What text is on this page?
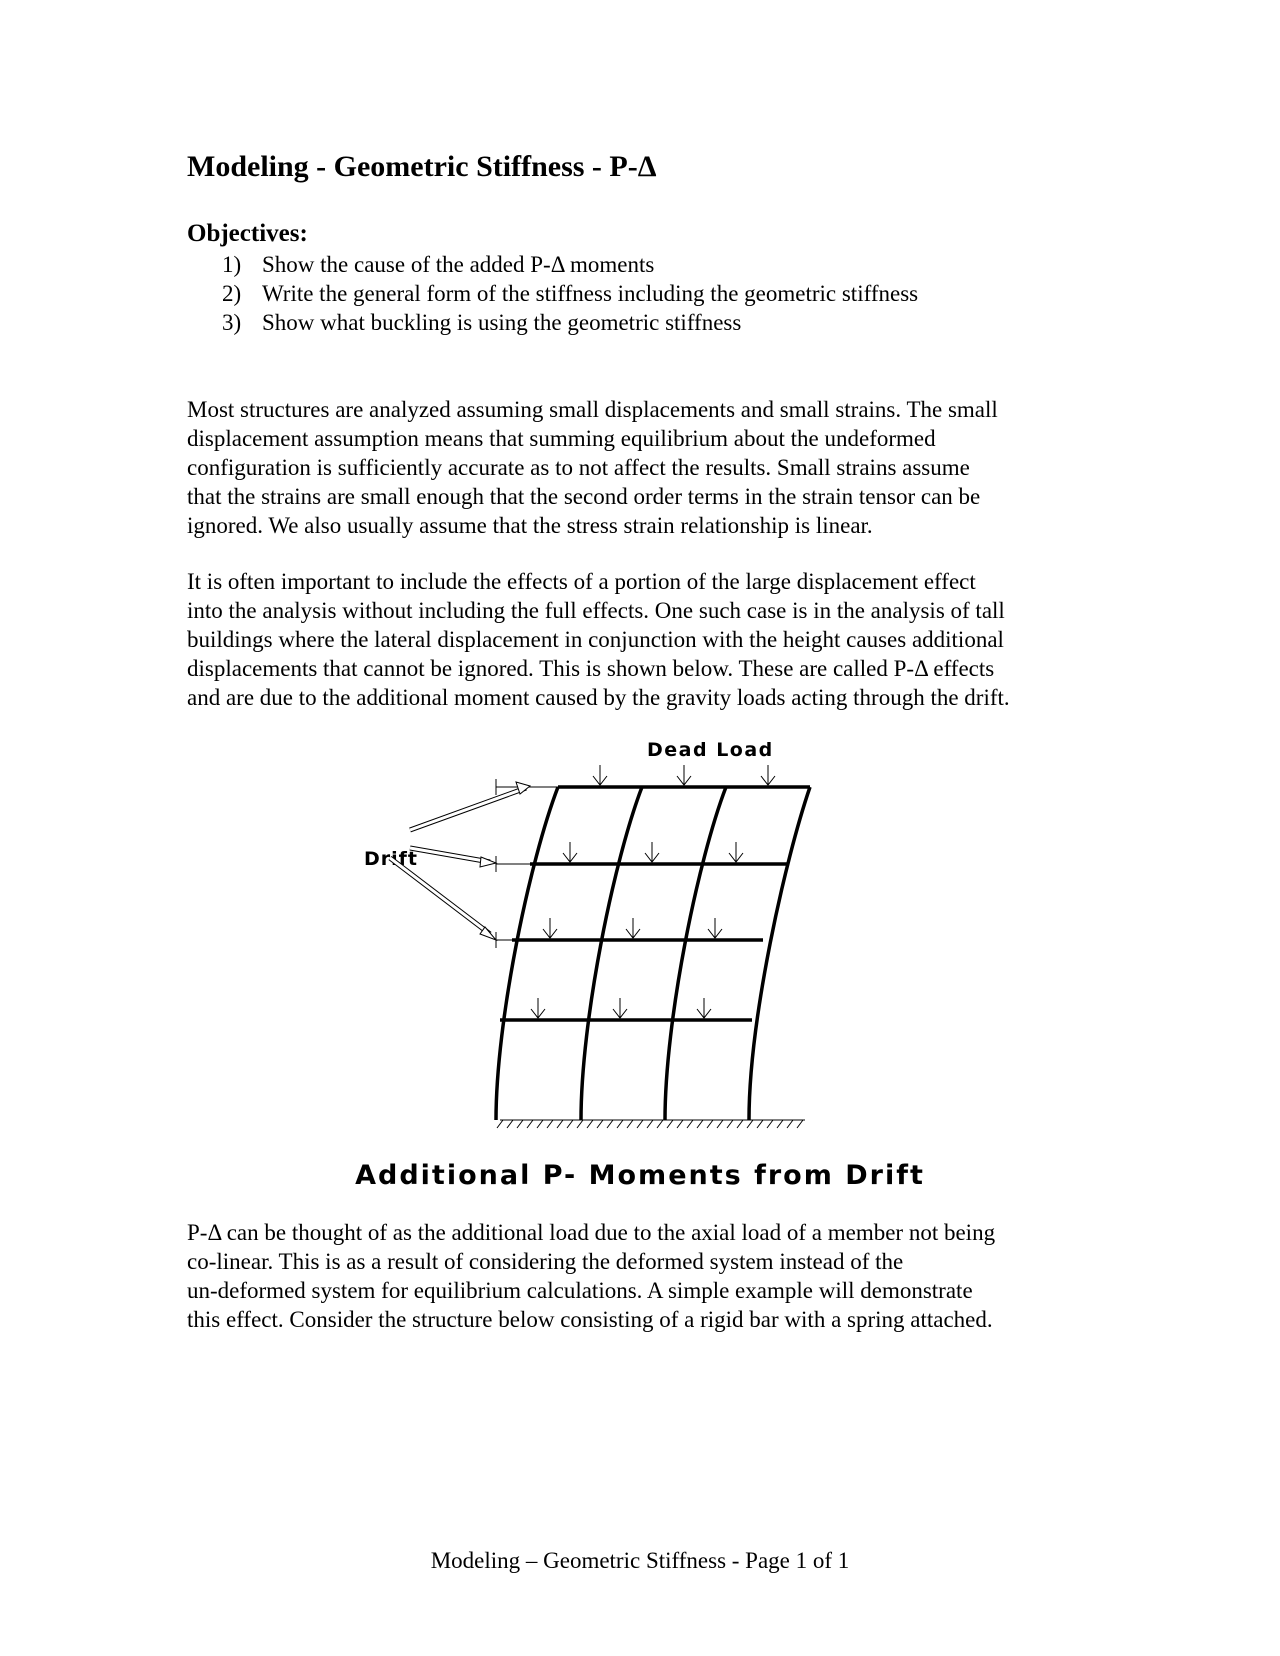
Modeling - Geometric Stiffness - P-Δ
Objectives:
1) Show the cause of the added P-Δ moments
2) Write the general form of the stiffness including the geometric stiffness
3) Show what buckling is using the geometric stiffness

Most structures are analyzed assuming small displacements and small strains. The small
displacement assumption means that summing equilibrium about the undeformed
configuration is sufficiently accurate as to not affect the results. Small strains assume
that the strains are small enough that the second order terms in the strain tensor can be
ignored. We also usually assume that the stress strain relationship is linear.

It is often important to include the effects of a portion of the large displacement effect
into the analysis without including the full effects. One such case is in the analysis of tall
buildings where the lateral displacement in conjunction with the height causes additional
displacements that cannot be ignored. This is shown below. These are called P-Δ effects
and are due to the additional moment caused by the gravity loads acting through the drift.

Dead Load
Drift
Additional P- Moments from Drift

P-Δ can be thought of as the additional load due to the axial load of a member not being
co-linear. This is as a result of considering the deformed system instead of the
un-deformed system for equilibrium calculations. A simple example will demonstrate
this effect. Consider the structure below consisting of a rigid bar with a spring attached.

Modeling – Geometric Stiffness - Page 1 of 1
